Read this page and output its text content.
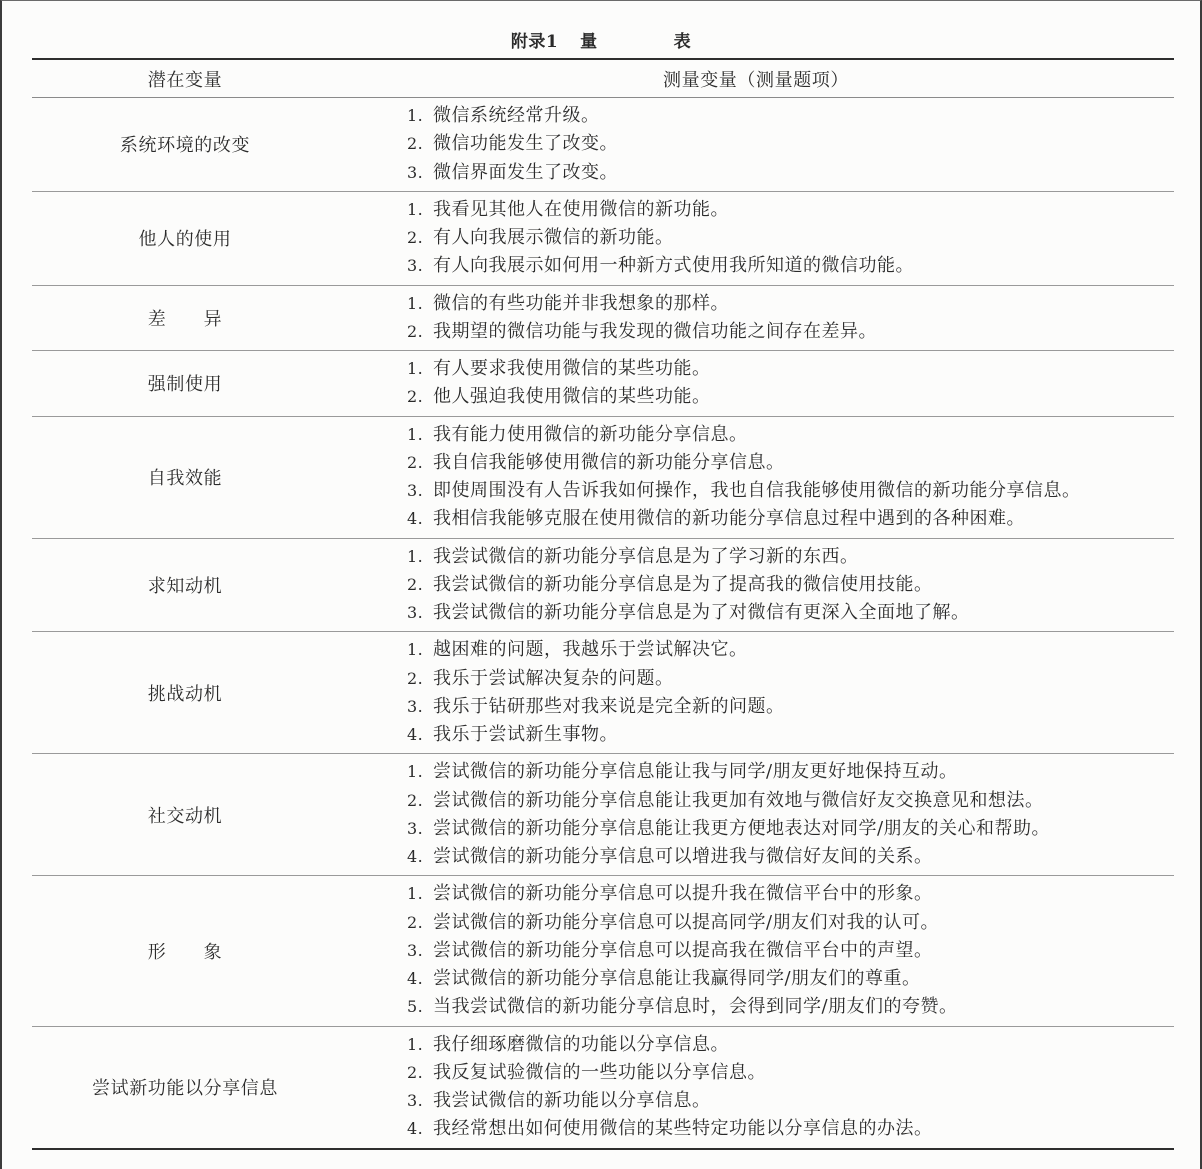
附录1 量	表
潜在变量	测量变量（测量题项）
系统环境的改变
1. 微信系统经常升级。
2. 微信功能发生了改变。
3. 微信界面发生了改变。
他人的使用
1. 我看见其他人在使用微信的新功能。
2. 有人向我展示微信的新功能。
3. 有人向我展示如何用一种新方式使用我所知道的微信功能。
差　　异
1. 微信的有些功能并非我想象的那样。
2. 我期望的微信功能与我发现的微信功能之间存在差异。
强制使用
1. 有人要求我使用微信的某些功能。
2. 他人强迫我使用微信的某些功能。
自我效能
1. 我有能力使用微信的新功能分享信息。
2. 我自信我能够使用微信的新功能分享信息。
3. 即使周围没有人告诉我如何操作，我也自信我能够使用微信的新功能分享信息。
4. 我相信我能够克服在使用微信的新功能分享信息过程中遇到的各种困难。
求知动机
1. 我尝试微信的新功能分享信息是为了学习新的东西。
2. 我尝试微信的新功能分享信息是为了提高我的微信使用技能。
3. 我尝试微信的新功能分享信息是为了对微信有更深入全面地了解。
挑战动机
1. 越困难的问题，我越乐于尝试解决它。
2. 我乐于尝试解决复杂的问题。
3. 我乐于钻研那些对我来说是完全新的问题。
4. 我乐于尝试新生事物。
社交动机
1. 尝试微信的新功能分享信息能让我与同学/朋友更好地保持互动。
2. 尝试微信的新功能分享信息能让我更加有效地与微信好友交换意见和想法。
3. 尝试微信的新功能分享信息能让我更方便地表达对同学/朋友的关心和帮助。
4. 尝试微信的新功能分享信息可以增进我与微信好友间的关系。
形　　象
1. 尝试微信的新功能分享信息可以提升我在微信平台中的形象。
2. 尝试微信的新功能分享信息可以提高同学/朋友们对我的认可。
3. 尝试微信的新功能分享信息可以提高我在微信平台中的声望。
4. 尝试微信的新功能分享信息能让我赢得同学/朋友们的尊重。
5. 当我尝试微信的新功能分享信息时，会得到同学/朋友们的夸赞。
尝试新功能以分享信息
1. 我仔细琢磨微信的功能以分享信息。
2. 我反复试验微信的一些功能以分享信息。
3. 我尝试微信的新功能以分享信息。
4. 我经常想出如何使用微信的某些特定功能以分享信息的办法。
